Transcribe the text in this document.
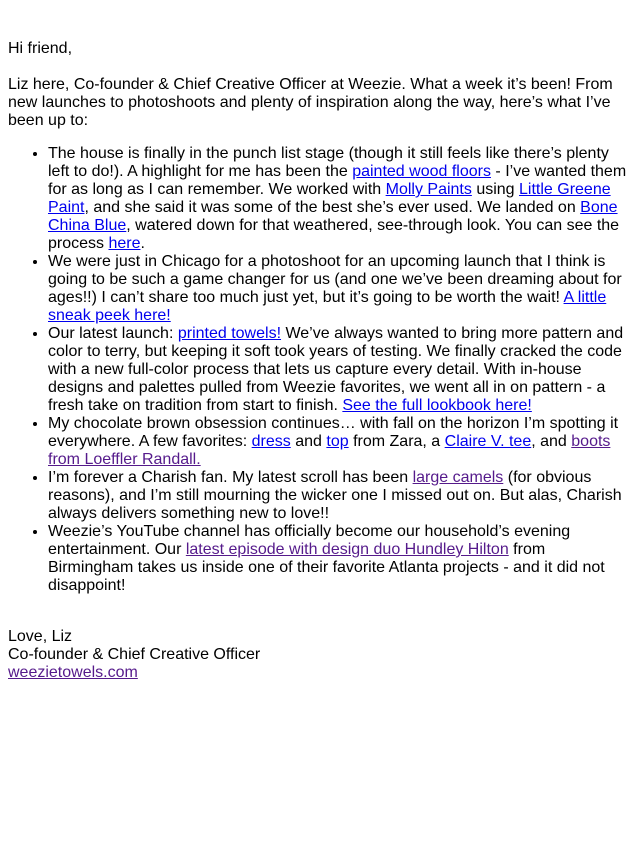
Hi friend,

Liz here, Co-founder & Chief Creative Officer at Weezie. What a week it’s been! From new launches to photoshoots and plenty of inspiration along the way, here’s what I’ve been up to:

• The house is finally in the punch list stage (though it still feels like there’s plenty left to do!). A highlight for me has been the painted wood floors - I’ve wanted them for as long as I can remember. We worked with Molly Paints using Little Greene Paint, and she said it was some of the best she’s ever used. We landed on Bone China Blue, watered down for that weathered, see-through look. You can see the process here.
• We were just in Chicago for a photoshoot for an upcoming launch that I think is going to be such a game changer for us (and one we’ve been dreaming about for ages!!) I can’t share too much just yet, but it’s going to be worth the wait! A little sneak peek here!
• Our latest launch: printed towels! We’ve always wanted to bring more pattern and color to terry, but keeping it soft took years of testing. We finally cracked the code with a new full-color process that lets us capture every detail. With in-house designs and palettes pulled from Weezie favorites, we went all in on pattern - a fresh take on tradition from start to finish. See the full lookbook here!
• My chocolate brown obsession continues… with fall on the horizon I’m spotting it everywhere. A few favorites: dress and top from Zara, a Claire V. tee, and boots from Loeffler Randall.
• I’m forever a Charish fan. My latest scroll has been large camels (for obvious reasons), and I’m still mourning the wicker one I missed out on. But alas, Charish always delivers something new to love!!
• Weezie’s YouTube channel has officially become our household’s evening entertainment. Our latest episode with design duo Hundley Hilton from Birmingham takes us inside one of their favorite Atlanta projects - and it did not disappoint!

Love, Liz

Co-founder & Chief Creative Officer

weezietowels.com
